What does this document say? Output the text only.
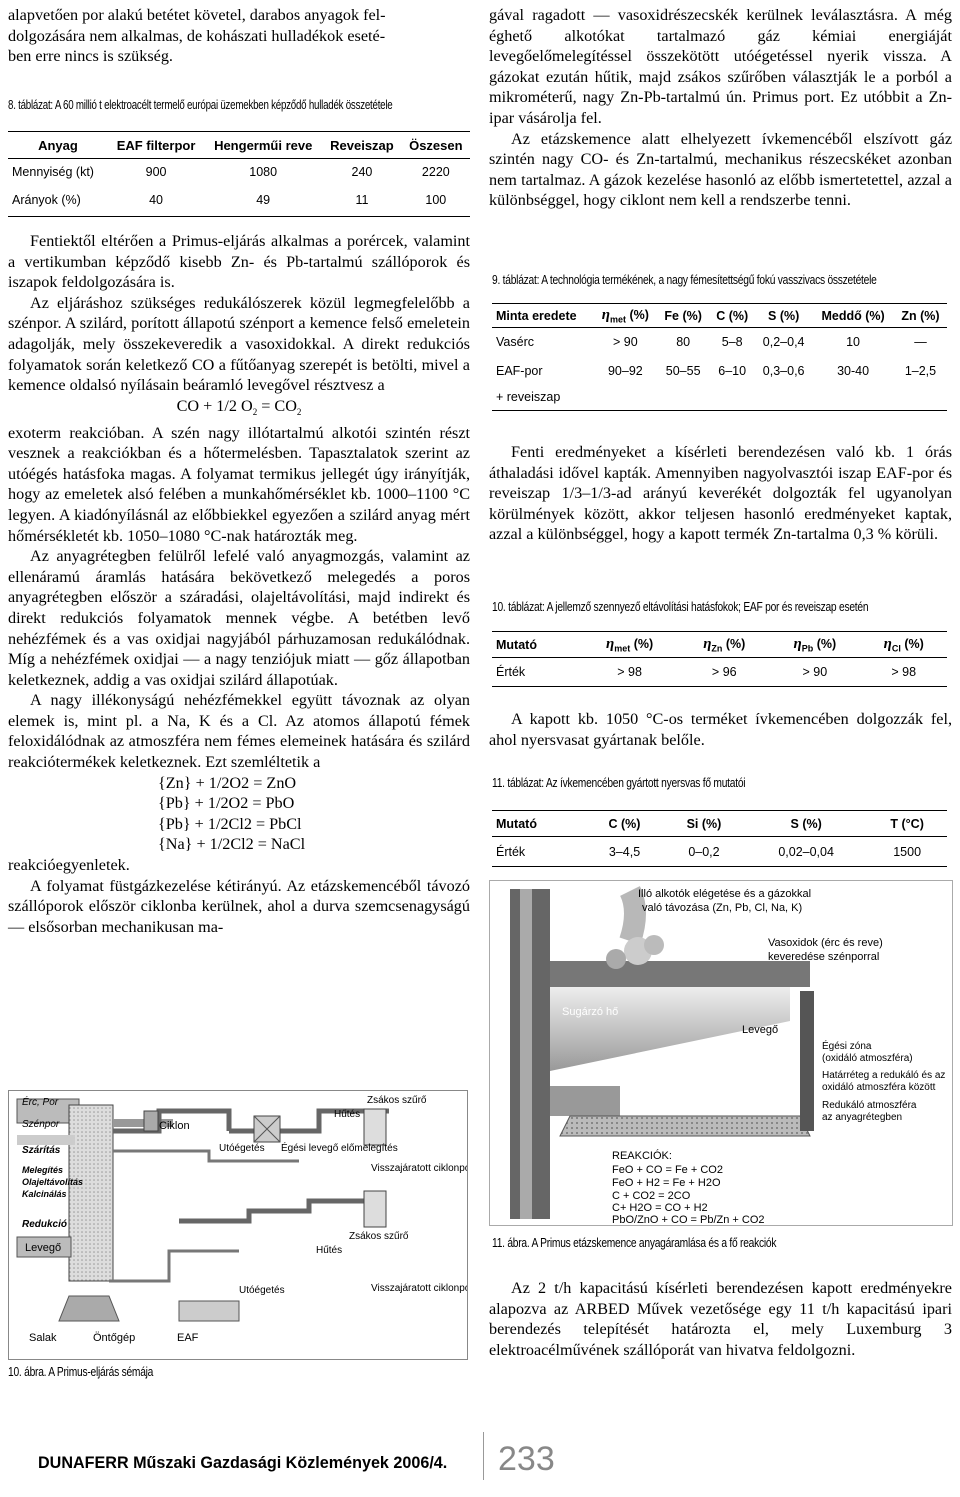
alapvetően por alakú betétet követel, darabos anyagok fel-
dolgozására nem alkalmas, de kohászati hulladékok eseté-
ben erre nincs is szükség.

8. táblázat: A 60 millió t elektroacélt termelő európai üzemekben képződő hulladék összetétele

Anyag	EAF filterpor	Hengerműi reve	Reveiszap	Öszesen
Mennyiség (kt)	900	1080	240	2220
Arányok (%)	40	49	11	100

Fentiektől eltérően a Primus-eljárás alkalmas a porércek, valamint a vertikumban képződő kisebb Zn- és Pb-tartalmú szállóporok és iszapok feldolgozására is.

Az eljáráshoz szükséges redukálószerek közül legmegfelelőbb a szénpor. A szilárd, porított állapotú szénport a kemence felső emeletein adagolják, mely összekeveredik a vasoxidokkal. A direkt redukciós folyamatok során keletkező CO a fűtőanyag szerepét is betölti, mivel a kemence oldalsó nyílásain beáramló levegővel résztvesz a

CO + 1/2 $O_2 = CO_2$

exoterm reakcióban. A szén nagy illótartalmú alkotói szintén részt vesznek a reakciókban és a hőtermelésben. Tapasztalatok szerint az utóégés hatásfoka magas. A folyamat termikus jellegét úgy irányítják, hogy az emeletek alsó felében a munkahőmérséklet kb. 1000–1100 °C legyen. A kiadónyílásnál az előbbiekkel egyezően a szilárd anyag mért hőmérsékletét kb. 1050–1080 °C-nak határozták meg.

Az anyagrétegben felülről lefelé való anyagmozgás, valamint az ellenáramú áramlás hatására bekövetkező melegedés a poros anyagrétegben először a száradási, olajeltávolítási, majd indirekt és direkt redukciós folyamatok mennek végbe. A betétben levő nehézfémek és a vas oxidjai nagyjából párhuzamosan redukálódnak. Míg a nehézfémek oxidjai — a nagy tenziójuk miatt — gőz állapotban keletkeznek, addig a vas oxidjai szilárd állapotúak.

A nagy illékonyságú nehézfémekkel együtt távoznak az olyan elemek is, mint pl. a Na, K és a Cl. Az atomos állapotú fémek feloxidálódnak az atmoszféra nem fémes elemeinek hatására és szilárd reakciótermékek keletkeznek. Ezt szemléltetik a

{Zn} + 1/2O2 = ZnO
{Pb} + 1/2O2 = PbO
{Pb} + 1/2Cl2 = PbCl
{Na} + 1/2Cl2 = NaCl

reakcióegyenletek.

A folyamat füstgázkezelése kétirányú. Az etázskemencéből távozó szállóporok először ciklonba kerülnek, ahol a durva szemcsenagyságú — elsősorban mechanikusan ma-

Érc, Por
Szénpor
Szárítás
Melegítés
Olajeltávolítás
Kalcinálás
Redukció
Levegő
Ciklon
Zsákos szűrő
Hűtés
Utóégetés Égési levegő előmelegítés
Visszajáratott ciklonpor
Zsákos szűrő
Hűtés
Utóégetés	Visszajáratott ciklonpor
Salak	Öntőgép	EAF

10. ábra. A Primus-eljárás sémája

gával ragadott — vasoxidrészecskék kerülnek leválasztásra. A még éghető alkotókat tartalmazó gáz kémiai energiáját levegőelőmelegítéssel összekötött utóégetéssel nyerik vissza. A gázokat ezután hűtik, majd zsákos szűrőben választják le a porból a mikrométerű, nagy Zn-Pb-tartalmú ún. Primus port. Ez utóbbit a Zn-ipar vásárolja fel.

Az etázskemence alatt elhelyezett ívkemencéből elszívott gáz szintén nagy CO- és Zn-tartalmú, mechanikus részecskéket azonban nem tartalmaz. A gázok kezelése hasonló az előbb ismertetettel, azzal a különbséggel, hogy ciklont nem kell a rendszerbe tenni.

9. táblázat: A technológia termékének, a nagy fémesítettségű fokú vasszivacs összetétele

Minta eredete	$\eta_{met}$ (%)	Fe (%)	C (%)	S (%)	Meddő (%)	Zn (%)
Vasérc	> 90	80	5–8	0,2–0,4	10	—
EAF-por	90–92	50–55	6–10	0,3–0,6	30-40	1–2,5
+ reveiszap						

Fenti eredményeket a kísérleti berendezésen való kb. 1 órás áthaladási idővel kapták. Amennyiben nagyolvasztói iszap EAF-por és reveiszap 1/3–1/3-ad arányú keverékét dolgozták fel ugyanolyan körülmények között, akkor teljesen hasonló eredményeket kaptak, azzal a különbséggel, hogy a kapott termék Zn-tartalma 0,3 % körüli.

10. táblázat: A jellemző szennyező eltávolítási hatásfokok; EAF por és reveiszap esetén

Mutató	$\eta_{met}$ (%)	$\eta_{Zn}$ (%)	$\eta_{Pb}$ (%)	$\eta_{Cl}$ (%)
Érték	> 98	> 96	> 90	> 98

A kapott kb. 1050 °C-os terméket ívkemencében dolgozzák fel, ahol nyersvasat gyártanak belőle.

11. táblázat: Az ívkemencében gyártott nyersvas fő mutatói

Mutató	C (%)	Si (%)	S (%)	T (°C)
Érték	3–4,5	0–0,2	0,02–0,04	1500
Illó alkotók elégetése és a gázokkal
való távozása (Zn, Pb, Cl, Na, K)
Vasoxidok (érc és reve)
keveredése szénporral
Sugárzó hő
Levegő
Égési zóna
(oxidáló atmoszféra)
Határréteg a redukáló és az
oxidáló atmoszféra között
Redukáló atmoszféra
az anyagrétegben
REAKCIÓK:
FeO + CO = Fe + CO2
FeO + H2 = Fe + H2O
C + CO2 = 2CO
C+ H2O = CO + H2
PbO/ZnO + CO = Pb/Zn + CO2

11. ábra. A Primus etázskemence anyagáramlása és a fő reakciók

Az 2 t/h kapacitású kísérleti berendezésen kapott eredményekre alapozva az ARBED Művek vezetősége egy 11 t/h kapacitású ipari berendezés telepítését határozta el, mely Luxemburg 3 elektroacélművének szállóporát van hivatva feldolgozni.

DUNAFERR Műszaki Gazdasági Közlemények 2006/4. 233
